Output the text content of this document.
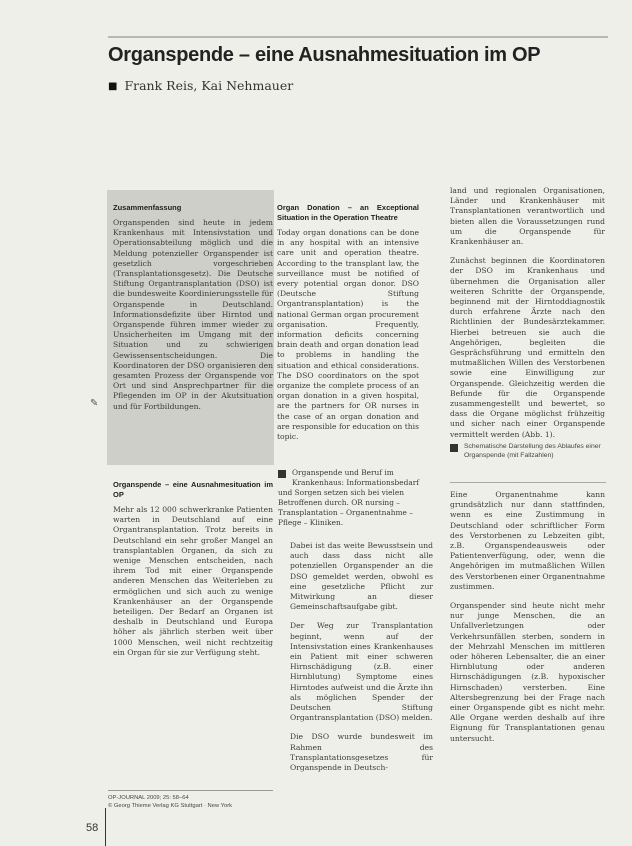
Organspende – eine Ausnahmesituation im OP
■ Frank Reis, Kai Nehmauer
Zusammenfassung

Organspenden sind heute in jedem Krankenhaus mit Intensivstation und Operationsabteilung möglich und die Meldung potenzieller Organspender ist gesetzlich vorgeschrieben (Transplantationsgesetz). Die Deutsche Stiftung Organtransplantation (DSO) ist die bundesweite Koordinierungsstelle für Organspende in Deutschland. Informationsdefizite über Hirntod und Organspende führen immer wieder zu Unsicherheiten im Umgang mit der Situation und zu schwierigen Gewissensentscheidungen. Die Koordinatoren der DSO organisieren den gesamten Prozess der Organspende vor Ort und sind Ansprechpartner für die Pflegenden im OP in der Akutsituation und für Fortbildungen.

Organ Donation – an Exceptional Situation in the Operation Theatre

Today organ donations can be done in any hospital with an intensive care unit and operation theatre. According to the transplant law, the surveillance must be notified of every potential organ donor. DSO (Deutsche Stiftung Organtransplantation) is the national German organ procurement organisation. Frequently, information deficits concerning brain death and organ donation lead to problems in handling the situation and ethical considerations. The DSO coordinators on the spot organize the complete process of an organ donation in a given hospital, are the partners for OR nurses in the case of an organ donation and are responsible for education on this topic.

Organspende und Beruf im Krankenhaus: Informationsbedarf und Sorgen setzen sich bei vielen Betroffenen durch. OR nursing – Transplantation – Organentnahme – Pflege – Kliniken.
Organspende – eine Ausnahmesituation im OP

Mehr als 12 000 schwerkranke Patienten warten in Deutschland auf eine Organtransplantation. Trotz bereits in Deutschland ein sehr großer Mangel an transplantablen Organen, da sich zu wenige Menschen entscheiden, nach ihrem Tod mit einer Organspende anderen Menschen das Weiterleben zu ermöglichen und sich auch zu wenige Krankenhäuser an der Organspende beteiligen. Der Bedarf an Organen ist deshalb in Deutschland und Europa höher als jährlich sterben weit über 1000 Menschen, weil nicht rechtzeitig ein Organ für sie zur Verfügung steht.

Dabei ist das weite Bewusstsein und auch dass dass nicht alle potenziellen Organspender an die DSO gemeldet werden, obwohl es eine gesetzliche Pflicht zur Mitwirkung an dieser Gemeinschaftsaufgabe gibt.

Der Weg zur Transplantation beginnt, wenn auf der Intensivstation eines Krankenhauses ein Patient mit einer schweren Hirnschädigung (z.B. einer Hirnblutung) Symptome eines Hirntodes aufweist und die Ärzte ihn als möglichen Spender der Deutschen Stiftung Organtransplantation (DSO) melden.

Die DSO wurde bundesweit im Rahmen des Transplantationsgesetzes für Organspende in Deutsch-

land und regionalen Organisationen, Länder und Krankenhäuser mit Transplantationen verantwortlich und bieten allen die Voraussetzungen rund um die Organspende für Krankenhäuser an.

Zunächst beginnen die Koordinatoren der DSO im Krankenhaus und übernehmen die Organisation aller weiteren Schritte der Organspende, beginnend mit der Hirntoddiagnostik durch erfahrene Ärzte nach den Richtlinien der Bundesärztekammer. Hierbei betreuen sie auch die Angehörigen, begleiten die Gesprächsführung und ermitteln den mutmaßlichen Willen des Verstorbenen sowie eine Einwilligung zur Organspende. Gleichzeitig werden die Befunde für die Organspende zusammengestellt und bewertet, so dass die Organe möglichst frühzeitig und sicher nach einer Organspende vermittelt werden (Abb. 1).

Schematische Darstellung des Ablaufes einer Organspende (mit Fallzahlen)

Eine Organentnahme kann grundsätzlich nur dann stattfinden, wenn es eine Zustimmung in Deutschland oder schriftlicher Form des Verstorbenen zu Lebzeiten gibt, z.B. Organspendeausweis oder Patientenverfügung, oder, wenn die Angehörigen im mutmaßlichen Willen des Verstorbenen einer Organentnahme zustimmen.

Organspender sind heute nicht mehr nur junge Menschen, die an Unfallverletzungen oder Verkehrsunfällen sterben, sondern in der Mehrzahl Menschen im mittleren oder höheren Lebensalter, die an einer Hirnblutung oder anderen Hirnschädigungen (z.B. hypoxischer Hirnschaden) versterben. Eine Altersbegrenzung bei der Frage nach einer Organspende gibt es nicht mehr. Alle Organe werden deshalb auf ihre Eignung für Transplantationen genau untersucht.

✎
OP-JOURNAL 2009; 25: 58–64
© Georg Thieme Verlag KG Stuttgart · New York
58
